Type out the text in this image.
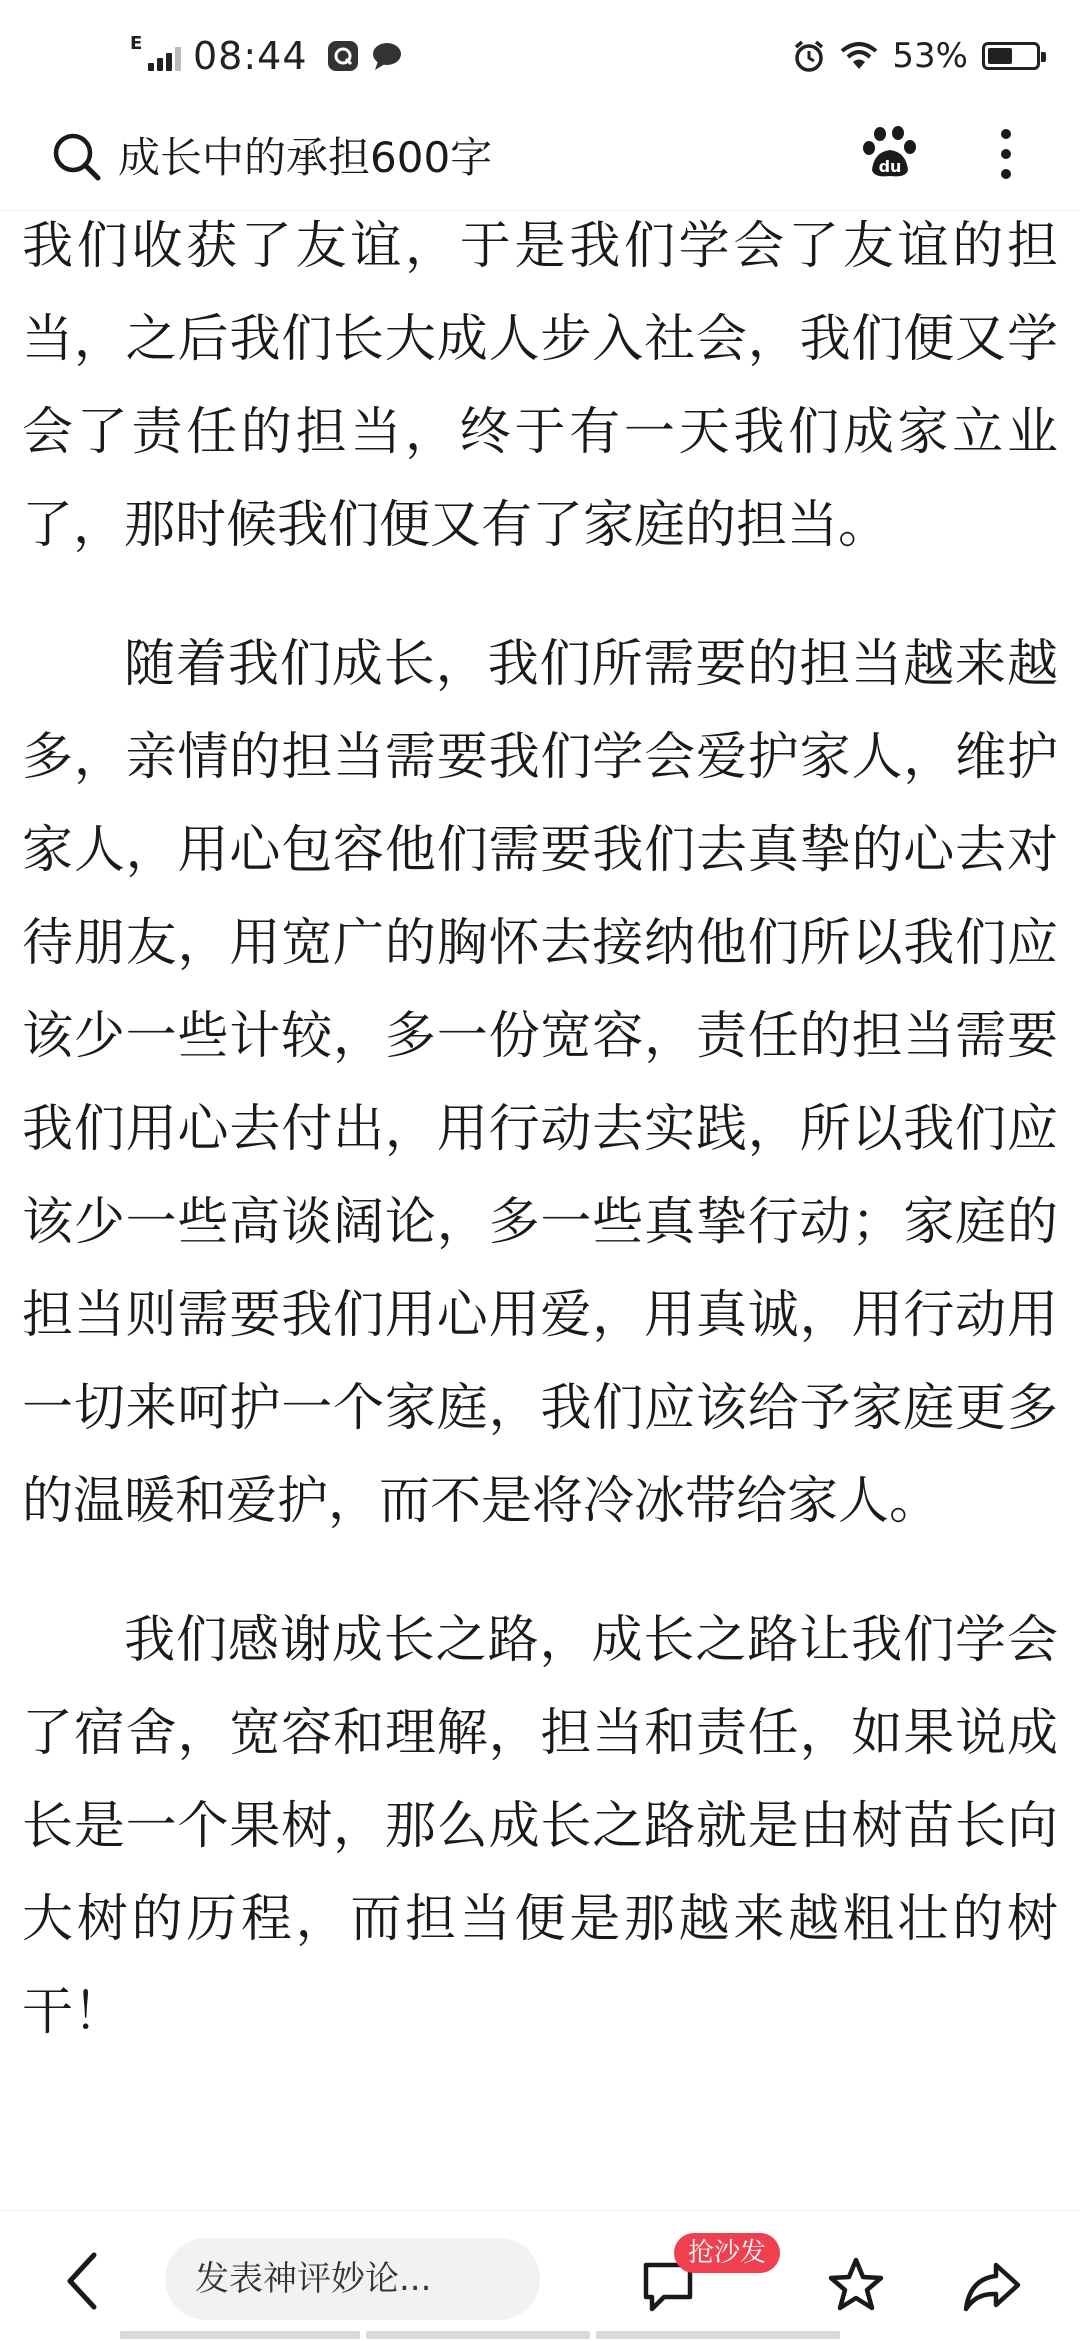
E 08:44	53%
成长中的承担600字	du

我们收获了友谊，于是我们学会了友谊的担当，之后我们长大成人步入社会，我们便又学会了责任的担当，终于有一天我们成家立业了，那时候我们便又有了家庭的担当。

随着我们成长，我们所需要的担当越来越多，亲情的担当需要我们学会爱护家人，维护家人，用心包容他们需要我们去真挚的心去对待朋友，用宽广的胸怀去接纳他们所以我们应该少一些计较，多一份宽容，责任的担当需要我们用心去付出，用行动去实践，所以我们应该少一些高谈阔论，多一些真挚行动；家庭的担当则需要我们用心用爱，用真诚，用行动用一切来呵护一个家庭，我们应该给予家庭更多的温暖和爱护，而不是将冷冰带给家人。

我们感谢成长之路，成长之路让我们学会了宿舍，宽容和理解，担当和责任，如果说成长是一个果树，那么成长之路就是由树苗长向大树的历程，而担当便是那越来越粗壮的树干！

发表神评妙论...
抢沙发
